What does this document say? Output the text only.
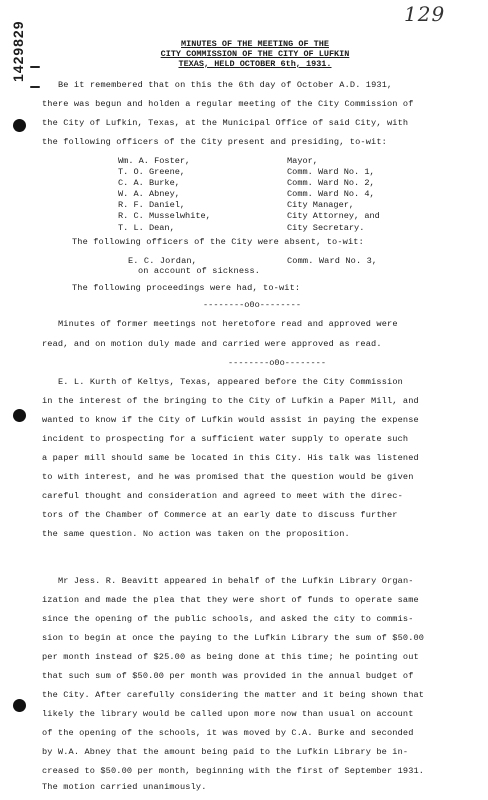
1429829
129
MINUTES OF THE MEETING OF THE
CITY COMMISSION OF THE CITY OF LUFKIN
TEXAS, HELD OCTOBER 6th, 1931.
Be it remembered that on this the 6th day of October A.D. 1931,
there was begun and holden a regular meeting of the City Commission of
the City of Lufkin, Texas, at the Municipal Office of said City, with
the following officers of the City present and presiding, to-wit:
Wm. A. Foster,
T. O. Greene,
C. A. Burke,
W. A. Abney,
R. F. Daniel,
R. C. Musselwhite,
T. L. Dean,
Mayor,
Comm. Ward No. 1,
Comm. Ward No. 2,
Comm. Ward No. 4,
City Manager,
City Attorney, and
City Secretary.
The following officers of the City were absent, to-wit:
E. C. Jordan,	Comm. Ward No. 3,
on account of sickness.
The following proceedings were had, to-wit:
--------o0o--------
Minutes of former meetings not heretofore read and approved were
read, and on motion duly made and carried were approved as read.
--------o0o--------
E. L. Kurth of Keltys, Texas, appeared before the City Commission
in the interest of the bringing to the City of Lufkin a Paper Mill, and
wanted to know if the City of Lufkin would assist in paying the expense
incident to prospecting for a sufficient water supply to operate such
a paper mill should same be located in this City. His talk was listened
to with interest, and he was promised that the question would be given
careful thought and consideration and agreed to meet with the direc-
tors of the Chamber of Commerce at an early date to discuss further
the same question. No action was taken on the proposition.
Mr Jess. R. Beavitt appeared in behalf of the Lufkin Library Organ-
ization and made the plea that they were short of funds to operate same
since the opening of the public schools, and asked the city to commis-
sion to begin at once the paying to the Lufkin Library the sum of $50.00
per month instead of $25.00 as being done at this time; he pointing out
that such sum of $50.00 per month was provided in the annual budget of
the City. After carefully considering the matter and it being shown that
likely the library would be called upon more now than usual on account
of the opening of the schools, it was moved by C.A. Burke and seconded
by W.A. Abney that the amount being paid to the Lufkin Library be in-
creased to $50.00 per month, beginning with the first of September 1931.
The motion carried unanimously.
